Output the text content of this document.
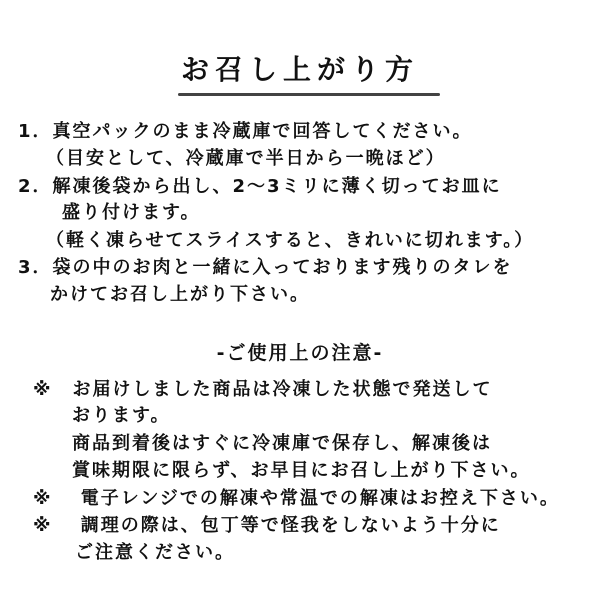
お召し上がり方
1．真空パックのまま冷蔵庫で回答してください。
（目安として、冷蔵庫で半日から一晩ほど）
2．解凍後袋から出し、2～3ミリに薄く切ってお皿に
盛り付けます。
（軽く凍らせてスライスすると、きれいに切れます。）
3．袋の中のお肉と一緒に入っております残りのタレを
かけてお召し上がり下さい。
-ご使用上の注意-
※　お届けしました商品は冷凍した状態で発送して
おります。
商品到着後はすぐに冷凍庫で保存し、解凍後は
賞味期限に限らず、お早目にお召し上がり下さい。
※　 電子レンジでの解凍や常温での解凍はお控え下さい。
※　 調理の際は、包丁等で怪我をしないよう十分に
ご注意ください。
